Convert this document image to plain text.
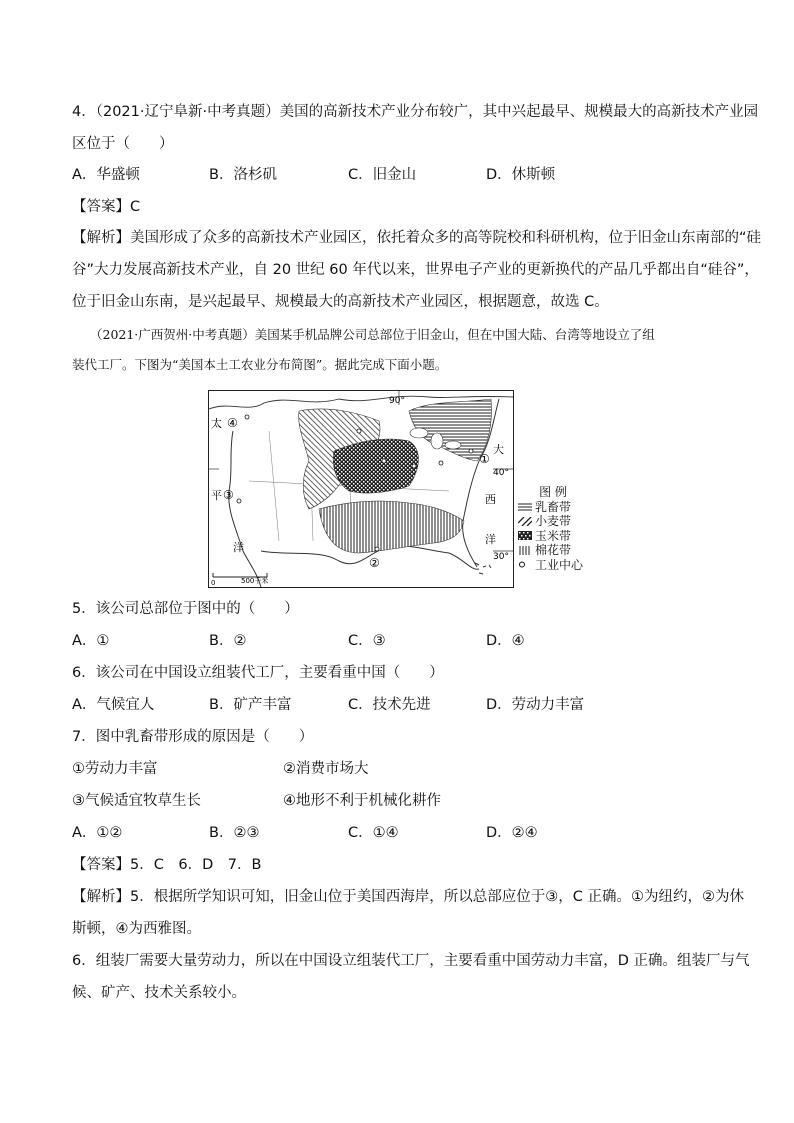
4．（2021·辽宁阜新·中考真题）美国的高新技术产业分布较广，其中兴起最早、规模最大的高新技术产业园
区位于（　　）
A．华盛顿	B．洛杉矶	C．旧金山	D．休斯顿
【答案】C
【解析】美国形成了众多的高新技术产业园区，依托着众多的高等院校和科研机构，位于旧金山东南部的“硅
谷”大力发展高新技术产业，自 20 世纪 60 年代以来，世界电子产业的更新换代的产品几乎都出自“硅谷”，
位于旧金山东南，是兴起最早、规模最大的高新技术产业园区，根据题意，故选 C。
（2021·广西贺州·中考真题）美国某手机品牌公司总部位于旧金山，但在中国大陆、台湾等地设立了组
装代工厂。下图为“美国本土工农业分布简图”。据此完成下面小题。
太
平
洋
大
西
洋
90°
40°
30°
①
②
③
④
0	500千米
图 例
乳畜带
小麦带
玉米带
棉花带
工业中心
5．该公司总部位于图中的（　　）
A．①	B．②	C．③	D．④
6．该公司在中国设立组装代工厂，主要看重中国（　　）
A．气候宜人	B．矿产丰富	C．技术先进	D．劳动力丰富
7．图中乳畜带形成的原因是（　　）
①劳动力丰富	②消费市场大
③气候适宜牧草生长	④地形不利于机械化耕作
A．①②	B．②③	C．①④	D．②④
【答案】5．C　6．D　7．B
【解析】5．根据所学知识可知，旧金山位于美国西海岸，所以总部应位于③，C 正确。①为纽约，②为休
斯顿，④为西雅图。
6．组装厂需要大量劳动力，所以在中国设立组装代工厂，主要看重中国劳动力丰富，D 正确。组装厂与气
候、矿产、技术关系较小。
